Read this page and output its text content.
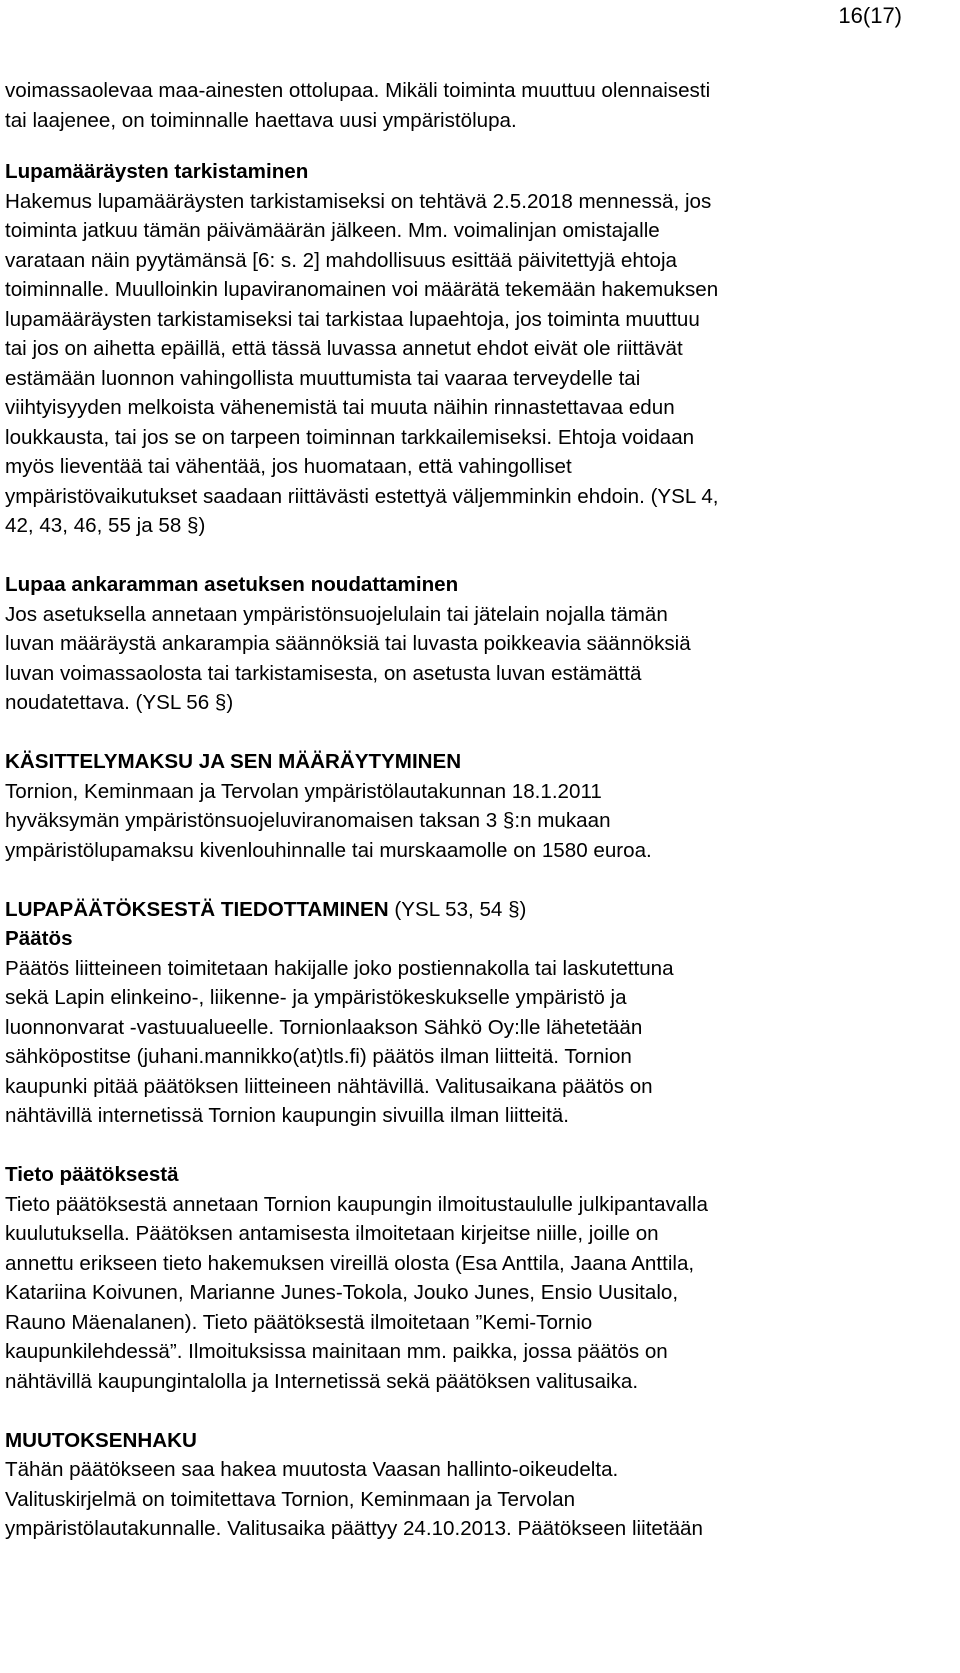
16(17)
voimassaolevaa maa-ainesten ottolupaa. Mikäli toiminta muuttuu olennaisesti
tai laajenee, on toiminnalle haettava uusi ympäristölupa.
Lupamääräysten tarkistaminen
Hakemus lupamääräysten tarkistamiseksi on tehtävä 2.5.2018 mennessä, jos
toiminta jatkuu tämän päivämäärän jälkeen. Mm. voimalinjan omistajalle
varataan näin pyytämänsä [6: s. 2] mahdollisuus esittää päivitettyjä ehtoja
toiminnalle. Muulloinkin lupaviranomainen voi määrätä tekemään hakemuksen
lupamääräysten tarkistamiseksi tai tarkistaa lupaehtoja, jos toiminta muuttuu
tai jos on aihetta epäillä, että tässä luvassa annetut ehdot eivät ole riittävät
estämään luonnon vahingollista muuttumista tai vaaraa terveydelle tai
viihtyisyyden melkoista vähenemistä tai muuta näihin rinnastettavaa edun
loukkausta, tai jos se on tarpeen toiminnan tarkkailemiseksi. Ehtoja voidaan
myös lieventää tai vähentää, jos huomataan, että vahingolliset
ympäristövaikutukset saadaan riittävästi estettyä väljemminkin ehdoin. (YSL 4,
42, 43, 46, 55 ja 58 §)
Lupaa ankaramman asetuksen noudattaminen
Jos asetuksella annetaan ympäristönsuojelulain tai jätelain nojalla tämän
luvan määräystä ankarampia säännöksiä tai luvasta poikkeavia säännöksiä
luvan voimassaolosta tai tarkistamisesta, on asetusta luvan estämättä
noudatettava. (YSL 56 §)
KÄSITTELYMAKSU JA SEN MÄÄRÄYTYMINEN
Tornion, Keminmaan ja Tervolan ympäristölautakunnan 18.1.2011
hyväksymän ympäristönsuojeluviranomaisen taksan 3 §:n mukaan
ympäristölupamaksu kivenlouhinnalle tai murskaamolle on 1580 euroa.
LUPAPÄÄTÖKSESTÄ TIEDOTTAMINEN (YSL 53, 54 §)
Päätös
Päätös liitteineen toimitetaan hakijalle joko postiennakolla tai laskutettuna
sekä Lapin elinkeino-, liikenne- ja ympäristökeskukselle ympäristö ja
luonnonvarat -vastuualueelle. Tornionlaakson Sähkö Oy:lle lähetetään
sähköpostitse (juhani.mannikko(at)tls.fi) päätös ilman liitteitä. Tornion
kaupunki pitää päätöksen liitteineen nähtävillä. Valitusaikana päätös on
nähtävillä internetissä Tornion kaupungin sivuilla ilman liitteitä.
Tieto päätöksestä
Tieto päätöksestä annetaan Tornion kaupungin ilmoitustaululle julkipantavalla
kuulutuksella. Päätöksen antamisesta ilmoitetaan kirjeitse niille, joille on
annettu erikseen tieto hakemuksen vireillä olosta (Esa Anttila, Jaana Anttila,
Katariina Koivunen, Marianne Junes-Tokola, Jouko Junes, Ensio Uusitalo,
Rauno Mäenalanen). Tieto päätöksestä ilmoitetaan ”Kemi-Tornio
kaupunkilehdessä”. Ilmoituksissa mainitaan mm. paikka, jossa päätös on
nähtävillä kaupungintalolla ja Internetissä sekä päätöksen valitusaika.
MUUTOKSENHAKU
Tähän päätökseen saa hakea muutosta Vaasan hallinto-oikeudelta.
Valituskirjelmä on toimitettava Tornion, Keminmaan ja Tervolan
ympäristölautakunnalle. Valitusaika päättyy 24.10.2013. Päätökseen liitetään
